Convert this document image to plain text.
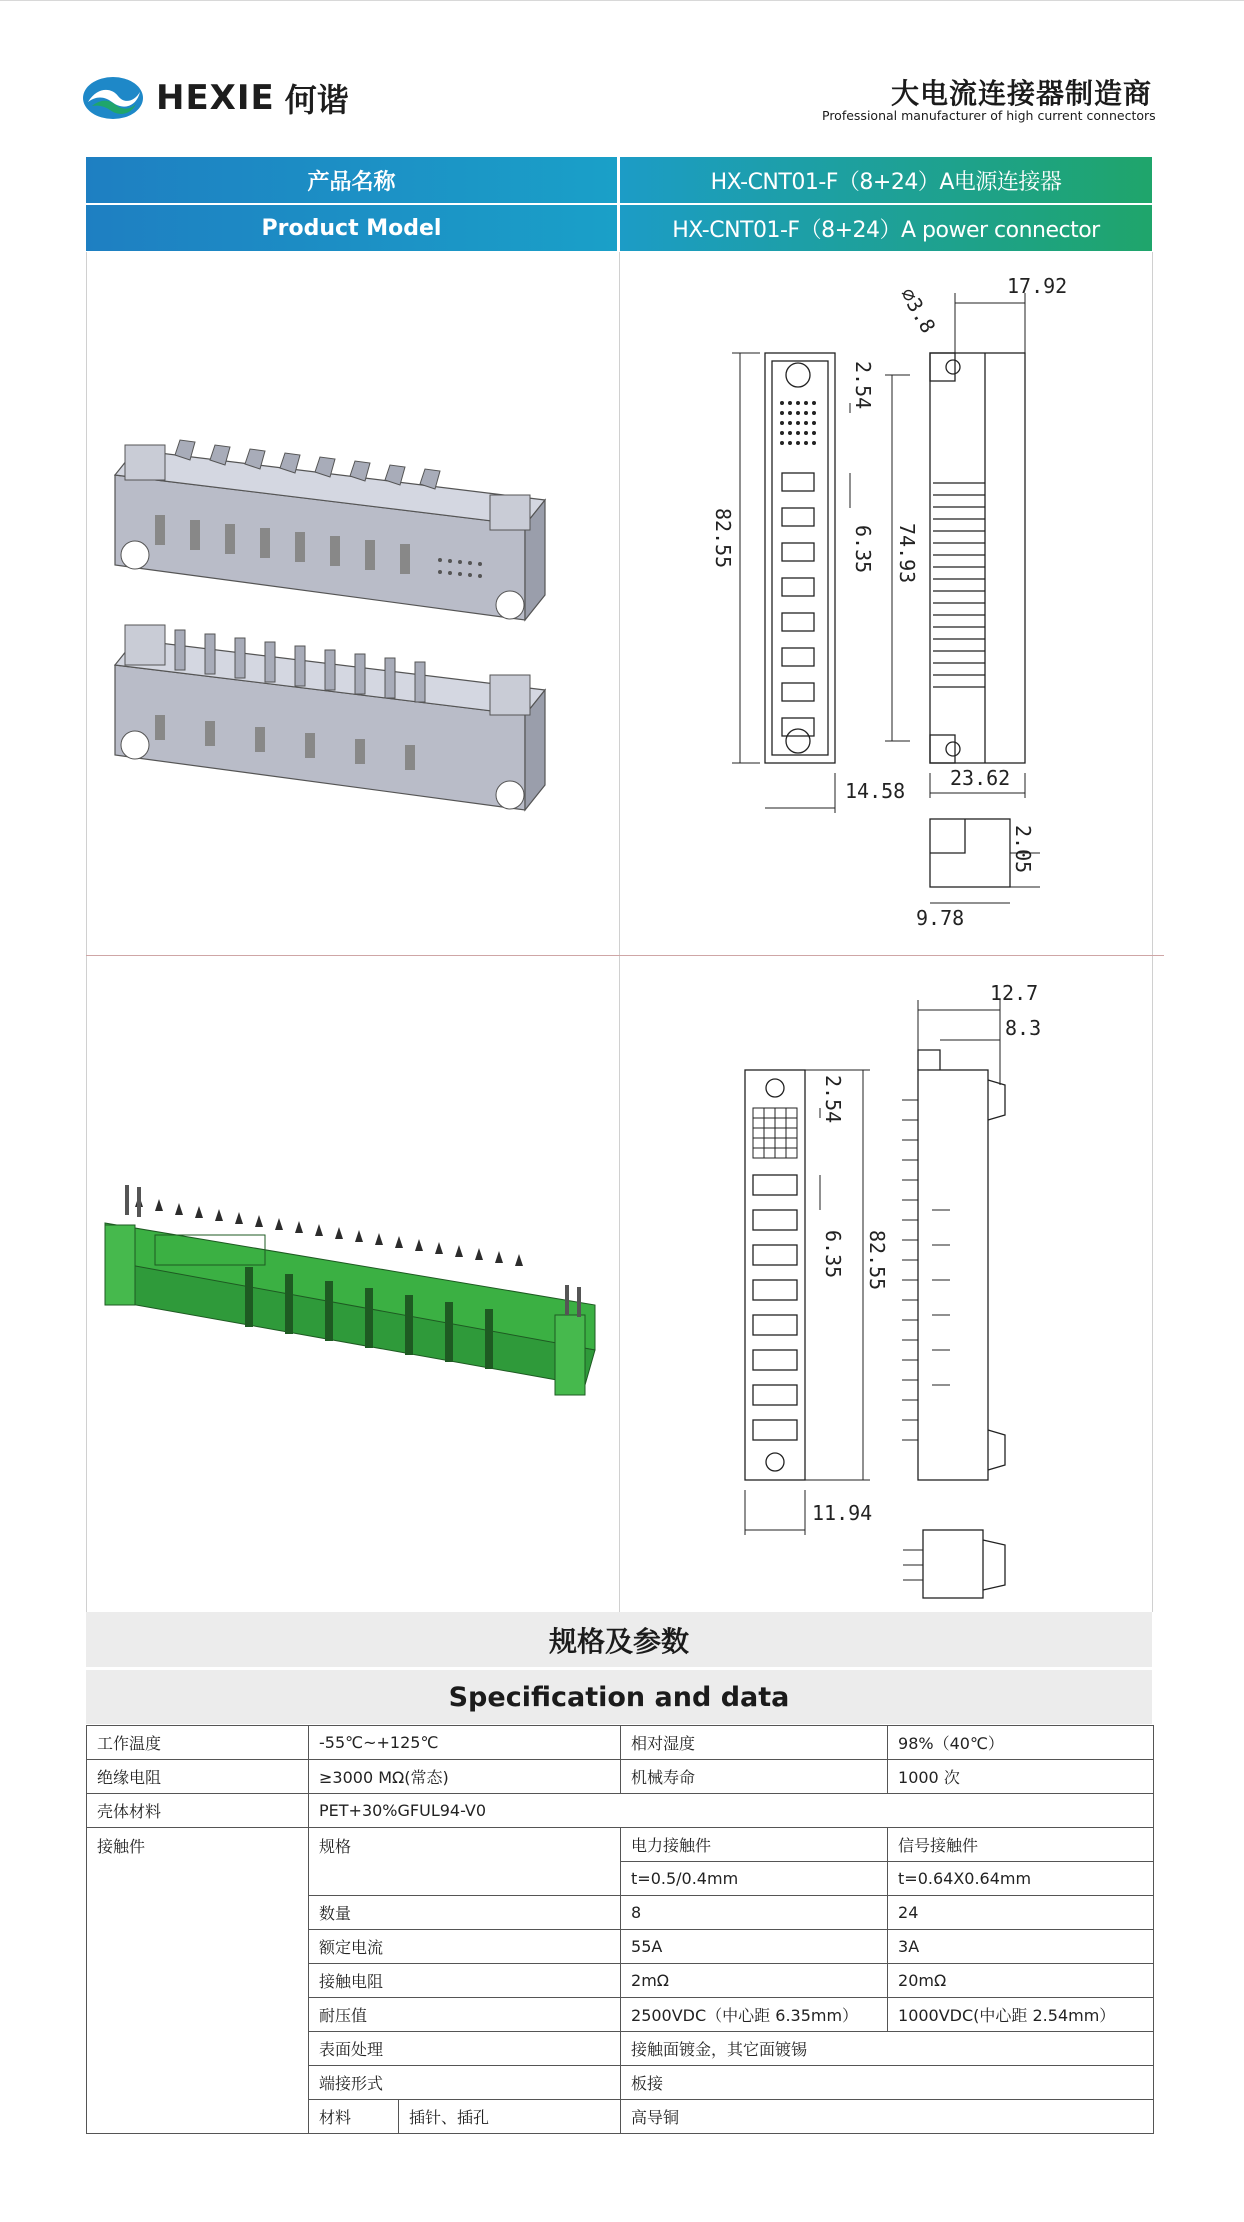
HEXIE 何谐	大电流连接器制造商
Professional manufacturer of high current connectors
产品名称	HX-CNT01-F（8+24）A电源连接器
Product Model	HX-CNT01-F（8+24）A power connector
17.92
∅3.8
2.54
82.55	6.35 74.93
14.58
23.62
2.05
9.78
12.7
8.3
2.54
6.35 82.55
11.94
规格及参数
Specification and data
工作温度	-55℃~+125℃		相对湿度	98%（40℃）
绝缘电阻	≥3000 MΩ(常态)		机械寿命	1000 次
壳体材料	PET+30%GFUL94-V0			
接触件	规格		电力接触件	信号接触件
			t=0.5/0.4mm	t=0.64X0.64mm
	数量		8	24
	额定电流		55A	3A
	接触电阻		2mΩ	20mΩ
	耐压值		2500VDC（中心距 6.35mm）	1000VDC(中心距 2.54mm）
	表面处理		接触面镀金，其它面镀锡	
	端接形式		板接	
	材料	插针、插孔	高导铜	
